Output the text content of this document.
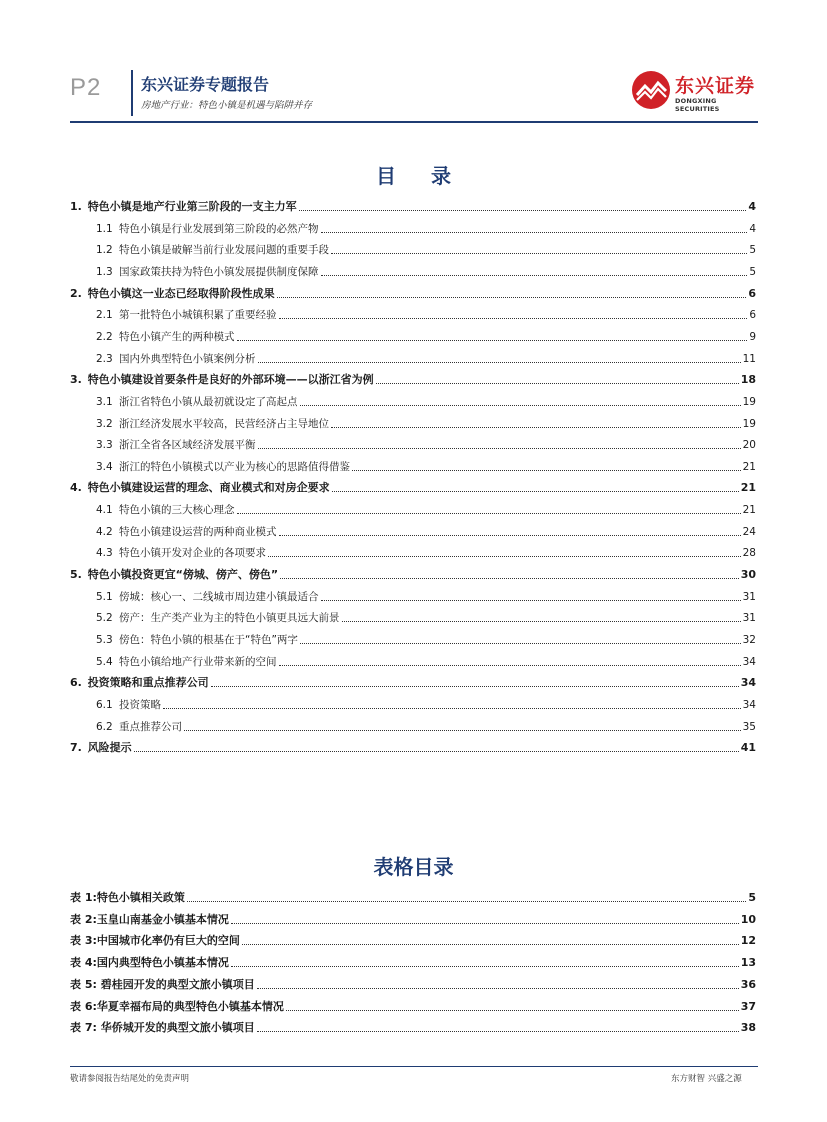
P2 东兴证券专题报告
房地产行业：特色小镇是机遇与陷阱并存
东兴证券
DONGXING SECURITIES
目 录
1. 特色小镇是地产行业第三阶段的一支主力军	4
1.1 特色小镇是行业发展到第三阶段的必然产物	4
1.2 特色小镇是破解当前行业发展问题的重要手段	5
1.3 国家政策扶持为特色小镇发展提供制度保障	5
2. 特色小镇这一业态已经取得阶段性成果	6
2.1 第一批特色小城镇积累了重要经验	6
2.2 特色小镇产生的两种模式	9
2.3 国内外典型特色小镇案例分析	11
3. 特色小镇建设首要条件是良好的外部环境——以浙江省为例	18
3.1 浙江省特色小镇从最初就设定了高起点	19
3.2 浙江经济发展水平较高，民营经济占主导地位	19
3.3 浙江全省各区域经济发展平衡	20
3.4 浙江的特色小镇模式以产业为核心的思路值得借鉴	21
4. 特色小镇建设运营的理念、商业模式和对房企要求	21
4.1 特色小镇的三大核心理念	21
4.2 特色小镇建设运营的两种商业模式	24
4.3 特色小镇开发对企业的各项要求	28
5. 特色小镇投资更宜“傍城、傍产、傍色”	30
5.1 傍城：核心一、二线城市周边建小镇最适合	31
5.2 傍产：生产类产业为主的特色小镇更具远大前景	31
5.3 傍色：特色小镇的根基在于“特色”两字	32
5.4 特色小镇给地产行业带来新的空间	34
6. 投资策略和重点推荐公司	34
6.1 投资策略	34
6.2 重点推荐公司	35
7. 风险提示	41
表格目录
表 1:特色小镇相关政策	5
表 2:玉皇山南基金小镇基本情况	10
表 3:中国城市化率仍有巨大的空间	12
表 4:国内典型特色小镇基本情况	13
表 5: 碧桂园开发的典型文旅小镇项目	36
表 6:华夏幸福布局的典型特色小镇基本情况	37
表 7: 华侨城开发的典型文旅小镇项目	38
敬请参阅报告结尾处的免责声明	东方财智 兴盛之源
